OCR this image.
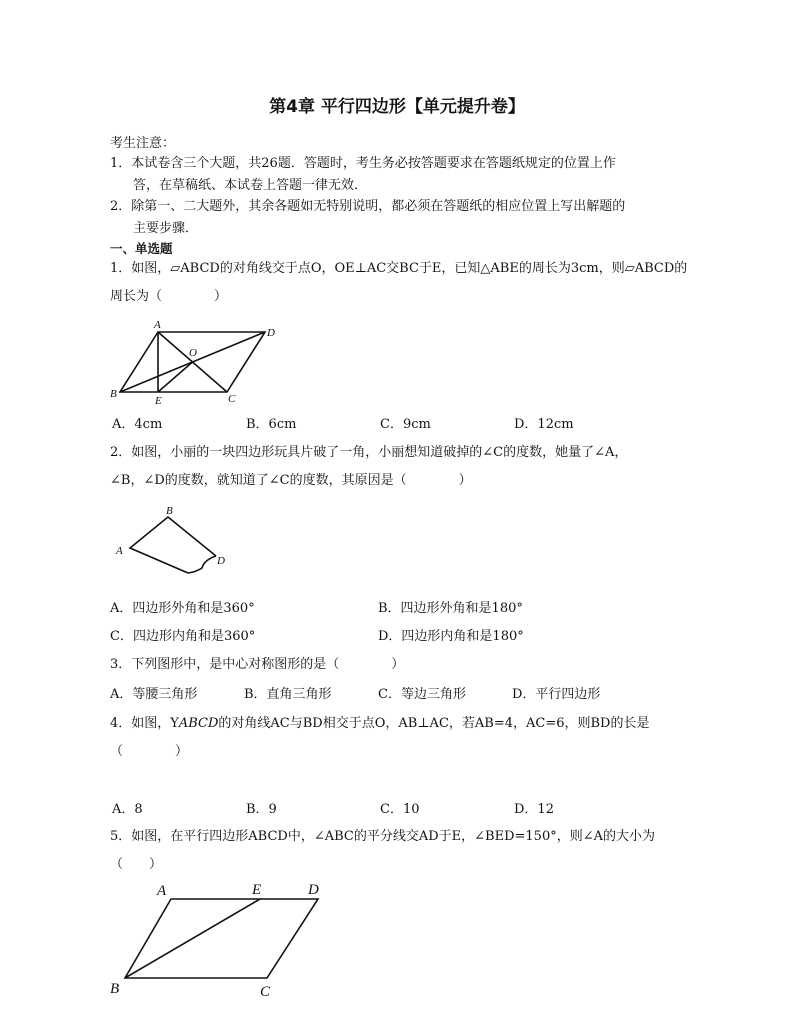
第4章 平行四边形【单元提升卷】
考生注意：
1．本试卷含三个大题，共26题．答题时，考生务必按答题要求在答题纸规定的位置上作
答，在草稿纸、本试卷上答题一律无效．
2．除第一、二大题外，其余各题如无特别说明，都必须在答题纸的相应位置上写出解题的
主要步骤．
一、单选题
1．如图，▱ABCD的对角线交于点O，OE⊥AC交BC于E，已知△ABE的周长为3cm，则▱ABCD的
周长为（　　　　）
A
D
O
B
E	C
A．4cm	B．6cm	C．9cm	D．12cm
2．如图，小丽的一块四边形玩具片破了一角，小丽想知道破掉的∠C的度数，她量了∠A，
∠B，∠D的度数，就知道了∠C的度数，其原因是（　　　　）
B
A
D
A．四边形外角和是360°	B．四边形外角和是180°
C．四边形内角和是360°	D．四边形内角和是180°
3．下列图形中，是中心对称图形的是（　　　　）
A．等腰三角形	B．直角三角形	C．等边三角形	D．平行四边形
4．如图，YABCD的对角线AC与BD相交于点O，AB⊥AC，若AB=4，AC=6，则BD的长是
（　　　　）
A．8	B．9	C．10	D．12
5．如图，在平行四边形ABCD中，∠ABC的平分线交AD于E，∠BED=150°，则∠A的大小为
（　　）
A	E	D
B	C
